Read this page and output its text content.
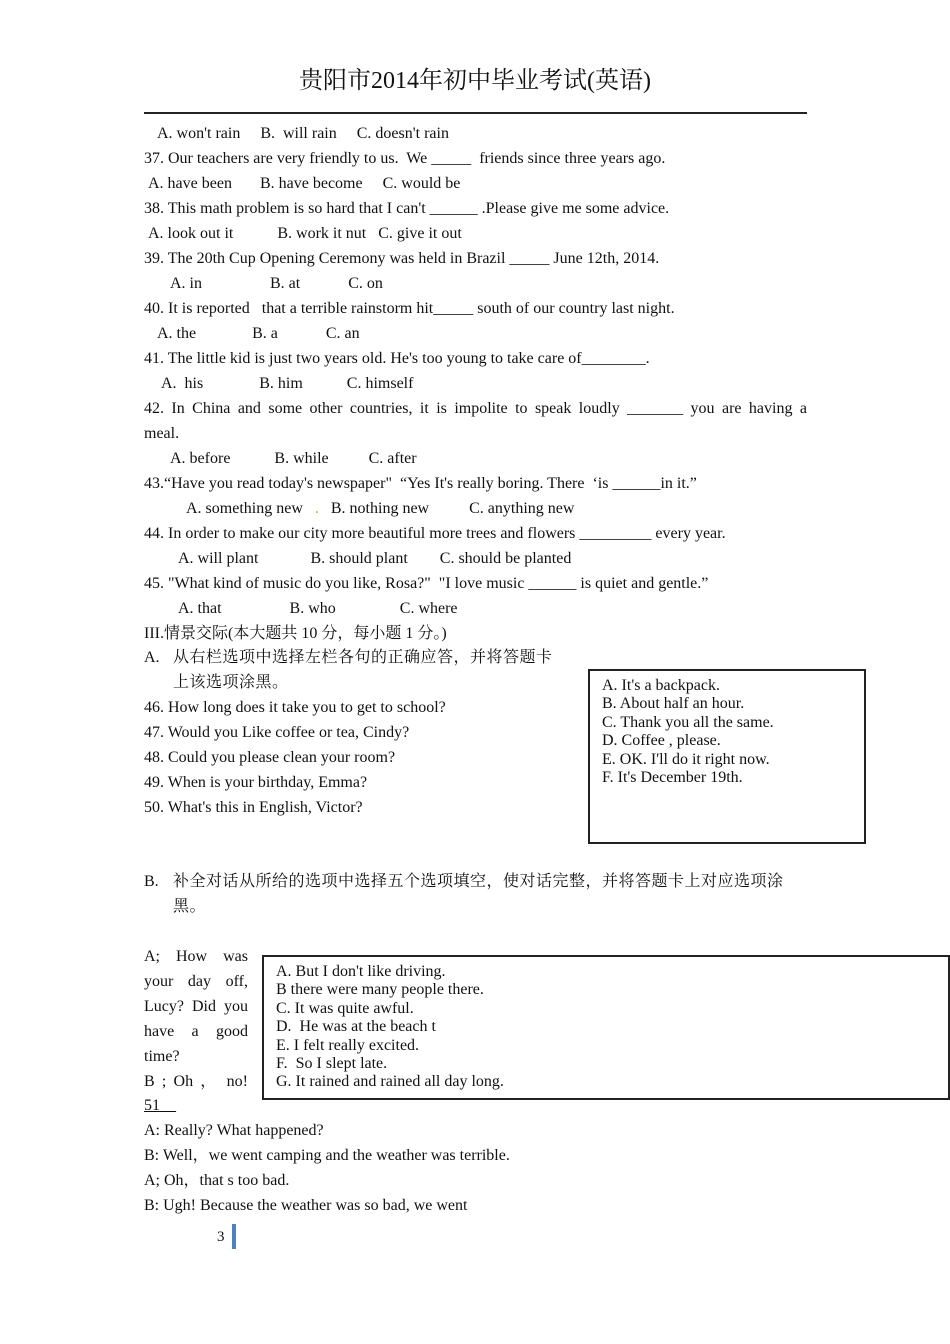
贵阳市2014年初中毕业考试(英语)
A. won't rain     B.  will rain     C. doesn't rain
37. Our teachers are very friendly to us.  We _____  friends since three years ago.
A. have been       B. have become     C. would be
38. This math problem is so hard that I can't ______ .Please give me some advice.
A. look out it           B. work it nut   C. give it out
39. The 20th Cup Opening Ceremony was held in Brazil _____ June 12th, 2014.
A. in                 B. at            C. on
40. It is reported   that a terrible rainstorm hit_____ south of our country last night.
A. the              B. a            C. an
41. The little kid is just two years old. He's too young to take care of________.
A.  his              B. him           C. himself
42. In China and some other countries, it is impolite to speak loudly _______ you are having a
meal.
A. before           B. while          C. after
43.“Have you read today's newspaper"  “Yes It's really boring. There  ‘is ______in it.”
A. something new . B. nothing new          C. anything new
44. In order to make our city more beautiful more trees and flowers _________ every year.
A. will plant             B. should plant        C. should be planted
45. "What kind of music do you like, Rosa?"  "I love music ______ is quiet and gentle.”
A. that                 B. who                C. where
III.情景交际(本大题共 10 分，每小题 1 分。)
A. 从右栏选项中选择左栏各句的正确应答，并将答题卡
上该选项涂黑。
46. How long does it take you to get to school?
47. Would you Like coffee or tea, Cindy?
48. Could you please clean your room?
49. When is your birthday, Emma?
50. What's this in English, Victor?
A. It's a backpack.
B. About half an hour.
C. Thank you all the same.
D. Coffee , please.
E. OK. I'll do it right now.
F. It's December 19th.
B. 补全对话从所给的选项中选择五个选项填空，使对话完整，并将答题卡上对应选项涂
黑。
A; How was
your day off,
Lucy? Did you
have a good
time?
B ; Oh ， no!
A. But I don't like driving.
B there were many people there.
C. It was quite awful.
D.  He was at the beach t
E. I felt really excited.
F.  So I slept late.
G. It rained and rained all day long.
51__
A: Really? What happened?
B: Well，we went camping and the weather was terrible.
A; Oh，that s too bad.
B: Ugh! Because the weather was so bad, we went
3
